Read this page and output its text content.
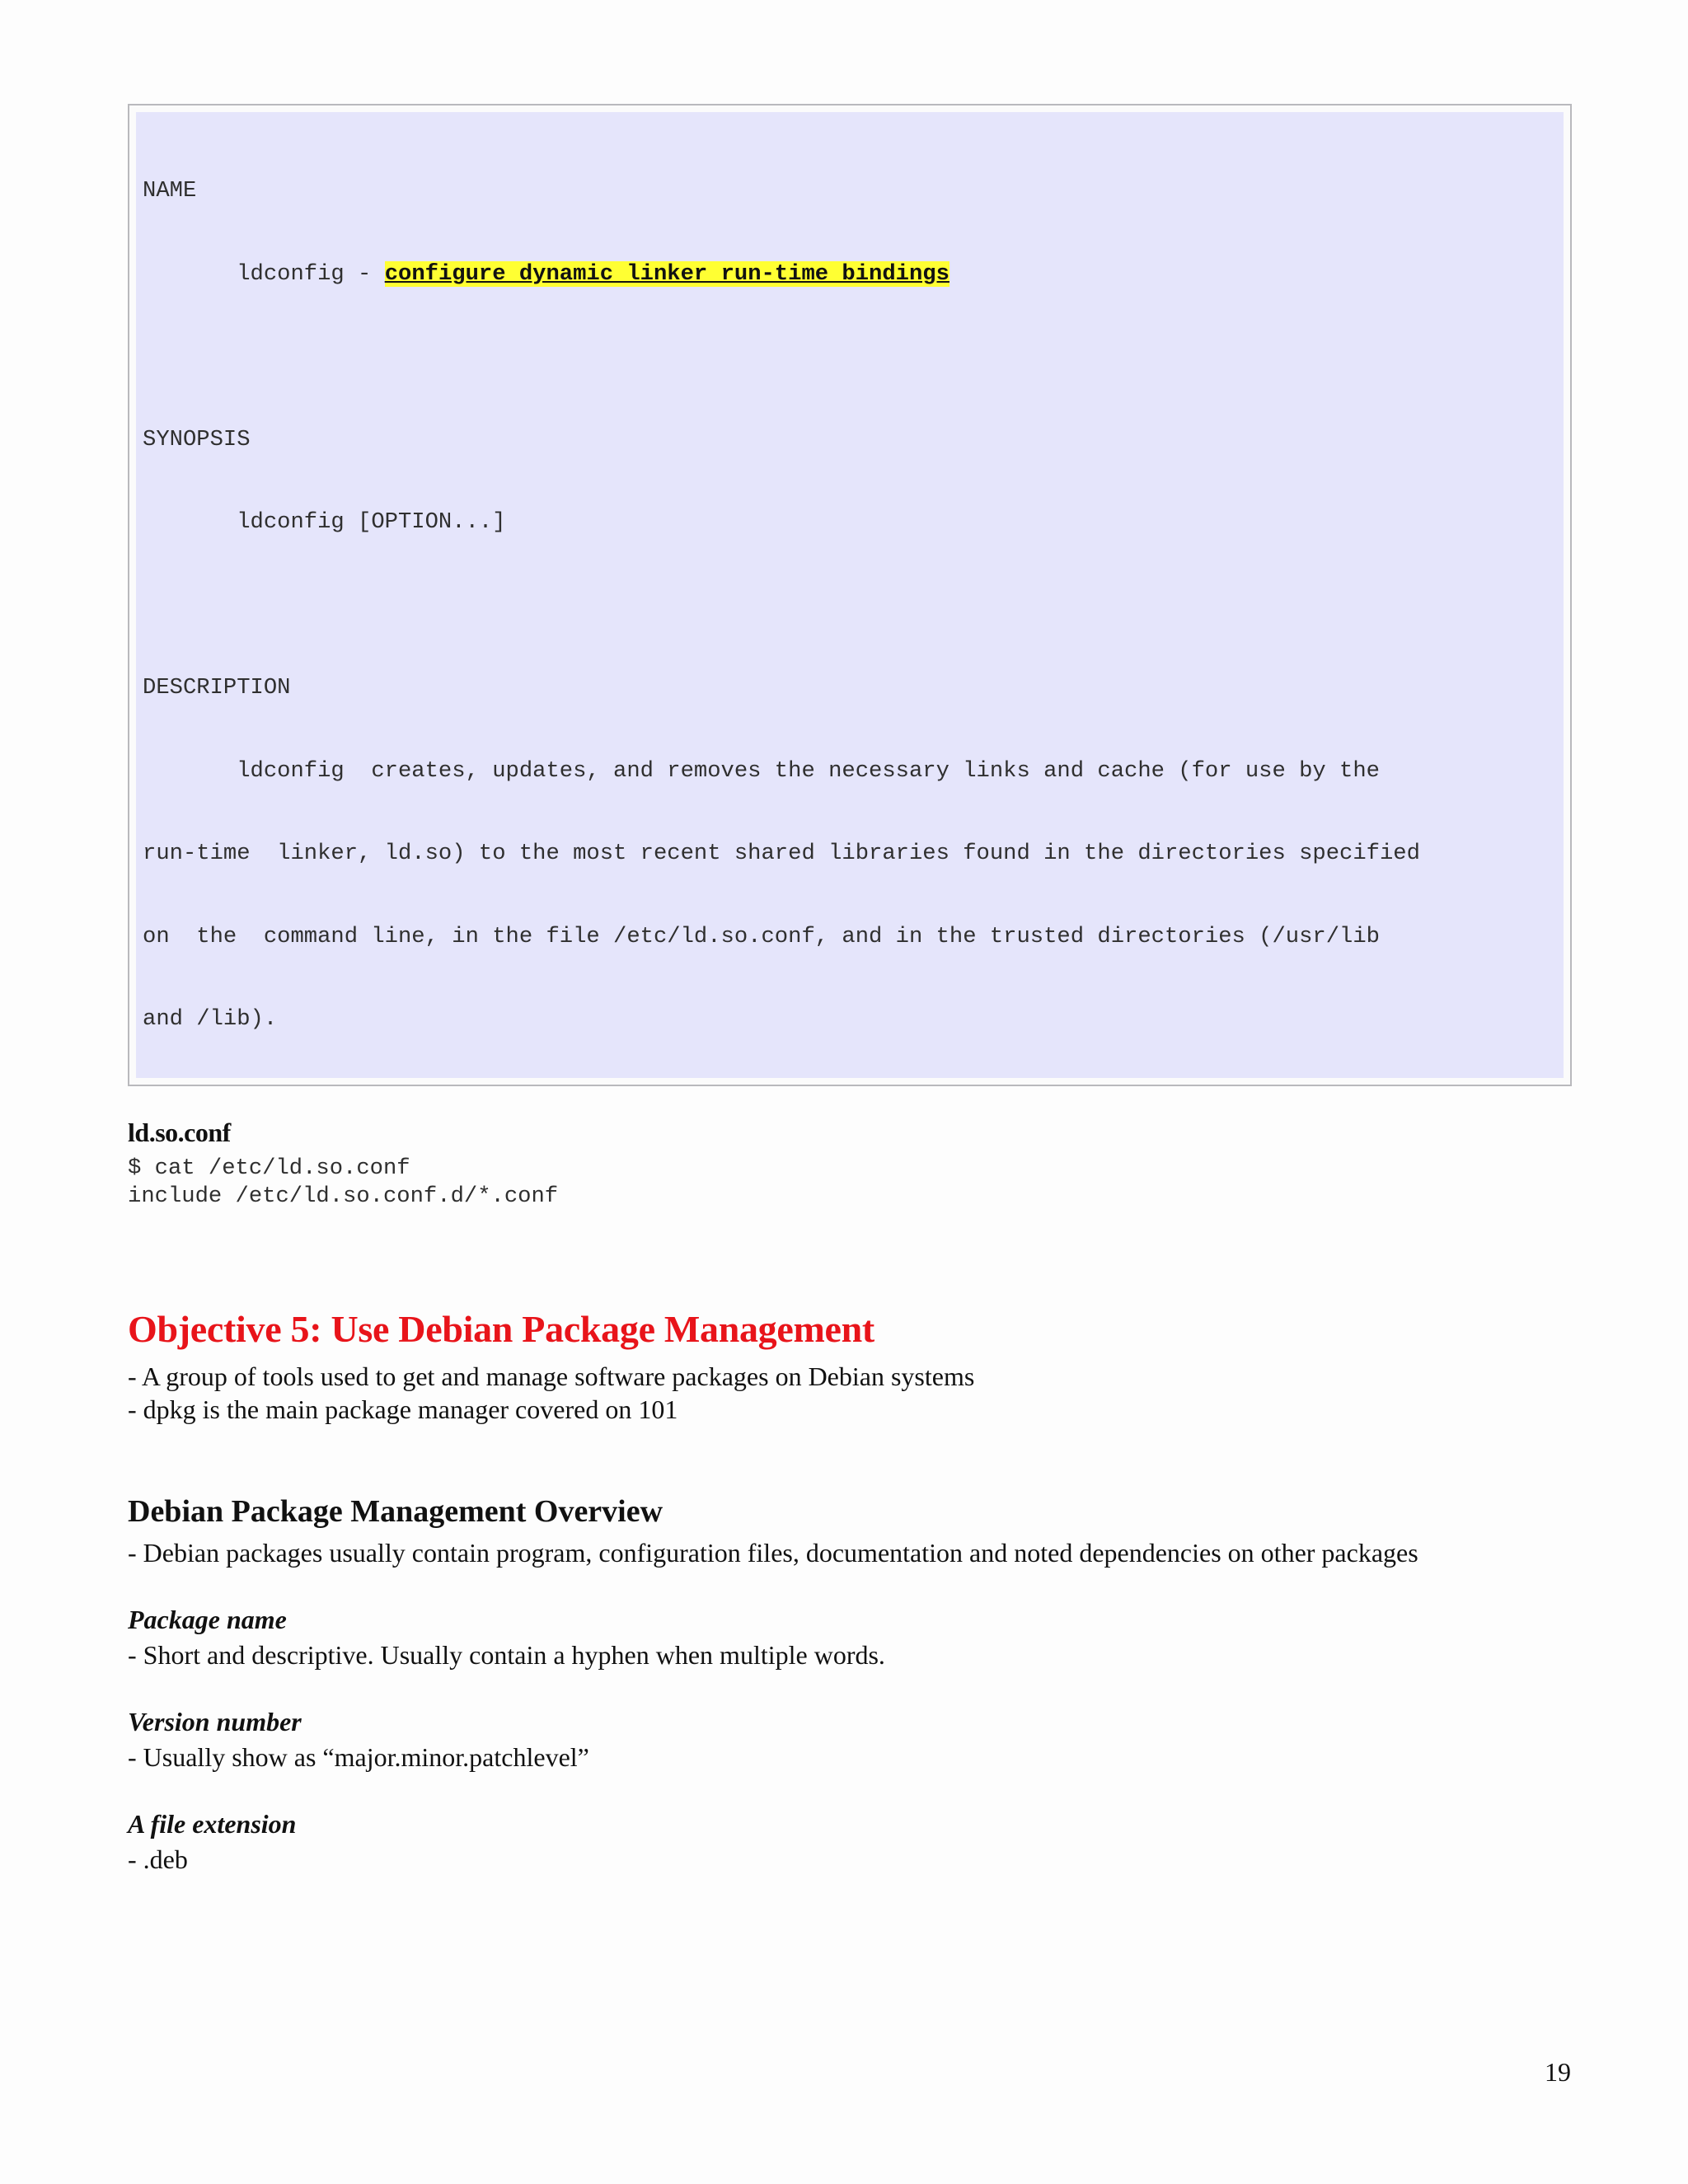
NAME

ldconfig - configure dynamic linker run-time bindings

SYNOPSIS

ldconfig [OPTION...]

DESCRIPTION

ldconfig  creates, updates, and removes the necessary links and cache (for use by the

run-time  linker, ld.so) to the most recent shared libraries found in the directories specified

on  the  command line, in the file /etc/ld.so.conf, and in the trusted directories (/usr/lib

and /lib).

ld.so.conf
$ cat /etc/ld.so.conf
include /etc/ld.so.conf.d/*.conf
Objective 5: Use Debian Package Management

- A group of tools used to get and manage software packages on Debian systems

- dpkg is the main package manager covered on 101

Debian Package Management Overview

- Debian packages usually contain program, configuration files, documentation and noted dependencies on other packages

Package name

- Short and descriptive. Usually contain a hyphen when multiple words.

Version number

- Usually show as “major.minor.patchlevel”

A file extension

- .deb

19
